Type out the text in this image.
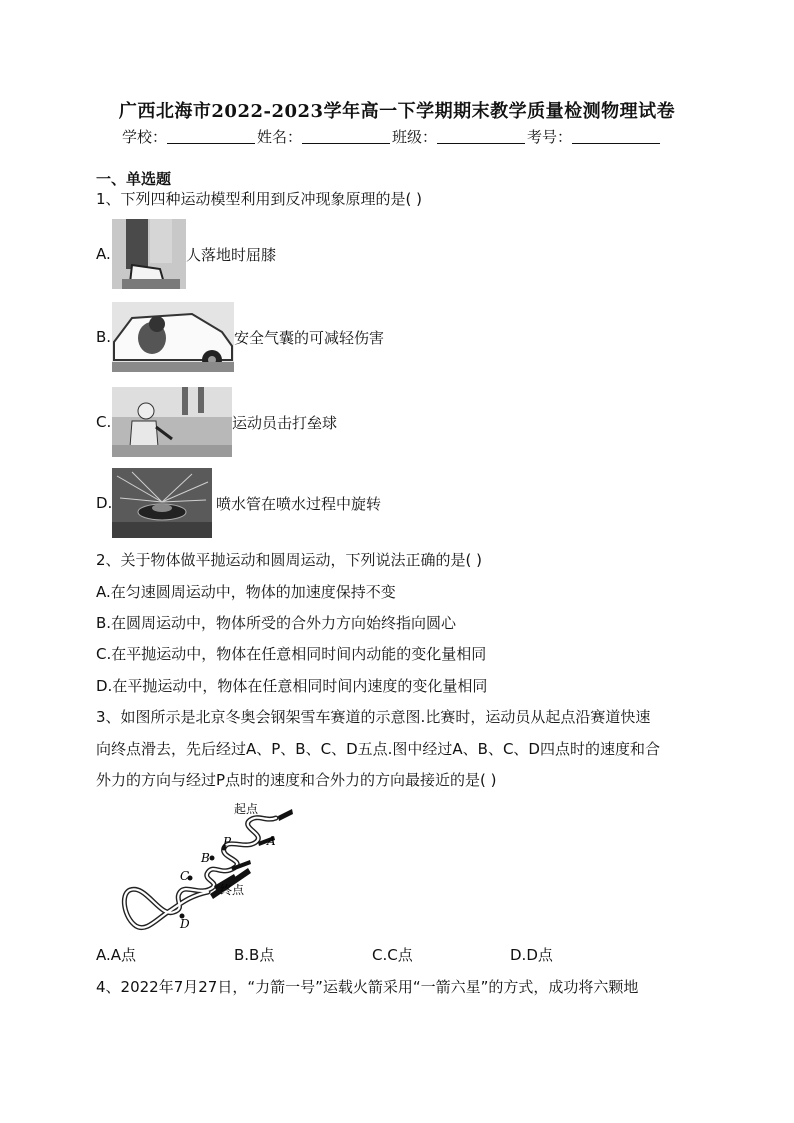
广西北海市2022-2023学年高一下学期期末教学质量检测物理试卷
学校：	姓名：	班级：	考号：
一、单选题
1、下列四种运动模型利用到反冲现象原理的是( )
A.	人落地时屈膝
B.	安全气囊的可减轻伤害
C.	运动员击打垒球
D.	喷水管在喷水过程中旋转
2、关于物体做平抛运动和圆周运动，下列说法正确的是( )
A.在匀速圆周运动中，物体的加速度保持不变
B.在圆周运动中，物体所受的合外力方向始终指向圆心
C.在平抛运动中，物体在任意相同时间内动能的变化量相同
D.在平抛运动中，物体在任意相同时间内速度的变化量相同
3、如图所示是北京冬奥会钢架雪车赛道的示意图.比赛时，运动员从起点沿赛道快速
向终点滑去，先后经过A、P、B、C、D五点.图中经过A、B、C、D四点时的速度和合
外力的方向与经过P点时的速度和合外力的方向最接近的是( )
起点
A
P
B
C
终点
D
A.A点	B.B点	C.C点	D.D点
4、2022年7月27日，“力箭一号”运载火箭采用“一箭六星”的方式，成功将六颗地
